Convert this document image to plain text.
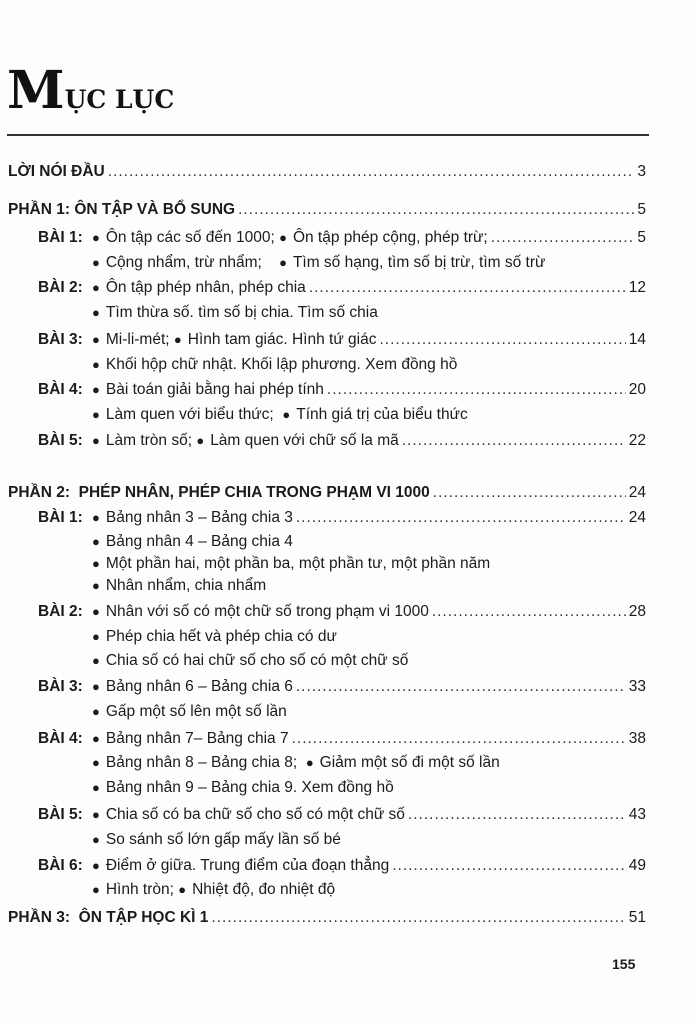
MỤC LỤC
LỜI NÓI ĐẦU .....	3
PHẦN 1:
ÔN TẬP VÀ BỔ SUNG .....	5
BÀI 1: ● Ôn tập các số đến 1000;
● Ôn tập phép cộng, phép trừ; .....	5
● Cộng nhẩm, trừ nhẩm;
● Tìm số hạng, tìm số bị trừ, tìm số trừ
BÀI 2: ● Ôn tập phép nhân, phép chia .....	12
● Tìm thừa số. tìm số bị chia. Tìm số chia
BÀI 3: ● Mi-li-mét;
● Hình tam giác. Hình tứ giác .....	14
● Khối hộp chữ nhật. Khối lập phương. Xem đồng hồ
BÀI 4: ● Bài toán giải bằng hai phép tính .....	20
● Làm quen với biểu thức;
● Tính giá trị của biểu thức
BÀI 5: ● Làm tròn số;
● Làm quen với chữ số la mã .....	22
PHẦN 2:
PHÉP NHÂN, PHÉP CHIA TRONG PHẠM VI 1000 .....	24
BÀI 1: ● Bảng nhân 3 – Bảng chia 3 .....	24
● Bảng nhân 4 – Bảng chia 4
● Một phần hai, một phần ba, một phần tư, một phần năm
● Nhân nhẩm, chia nhẩm
BÀI 2: ● Nhân với số có một chữ số trong phạm vi 1000 .....	28
● Phép chia hết và phép chia có dư
● Chia số có hai chữ số cho số có một chữ số
BÀI 3: ● Bảng nhân 6 – Bảng chia 6 .....	33
● Gấp một số lên một số lần
BÀI 4: ● Bảng nhân 7– Bảng chia 7 .....	38
● Bảng nhân 8 – Bảng chia 8;
● Giảm một số đi một số lần
● Bảng nhân 9 – Bảng chia 9. Xem đồng hồ
BÀI 5: ● Chia số có ba chữ số cho số có một chữ số .....	43
● So sánh số lớn gấp mấy lần số bé
BÀI 6: ● Điểm ở giữa. Trung điểm của đoạn thẳng .....	49
● Hình tròn;
● Nhiệt độ, đo nhiệt độ
PHẦN 3:
ÔN TẬP HỌC KÌ 1 .....	51
155
